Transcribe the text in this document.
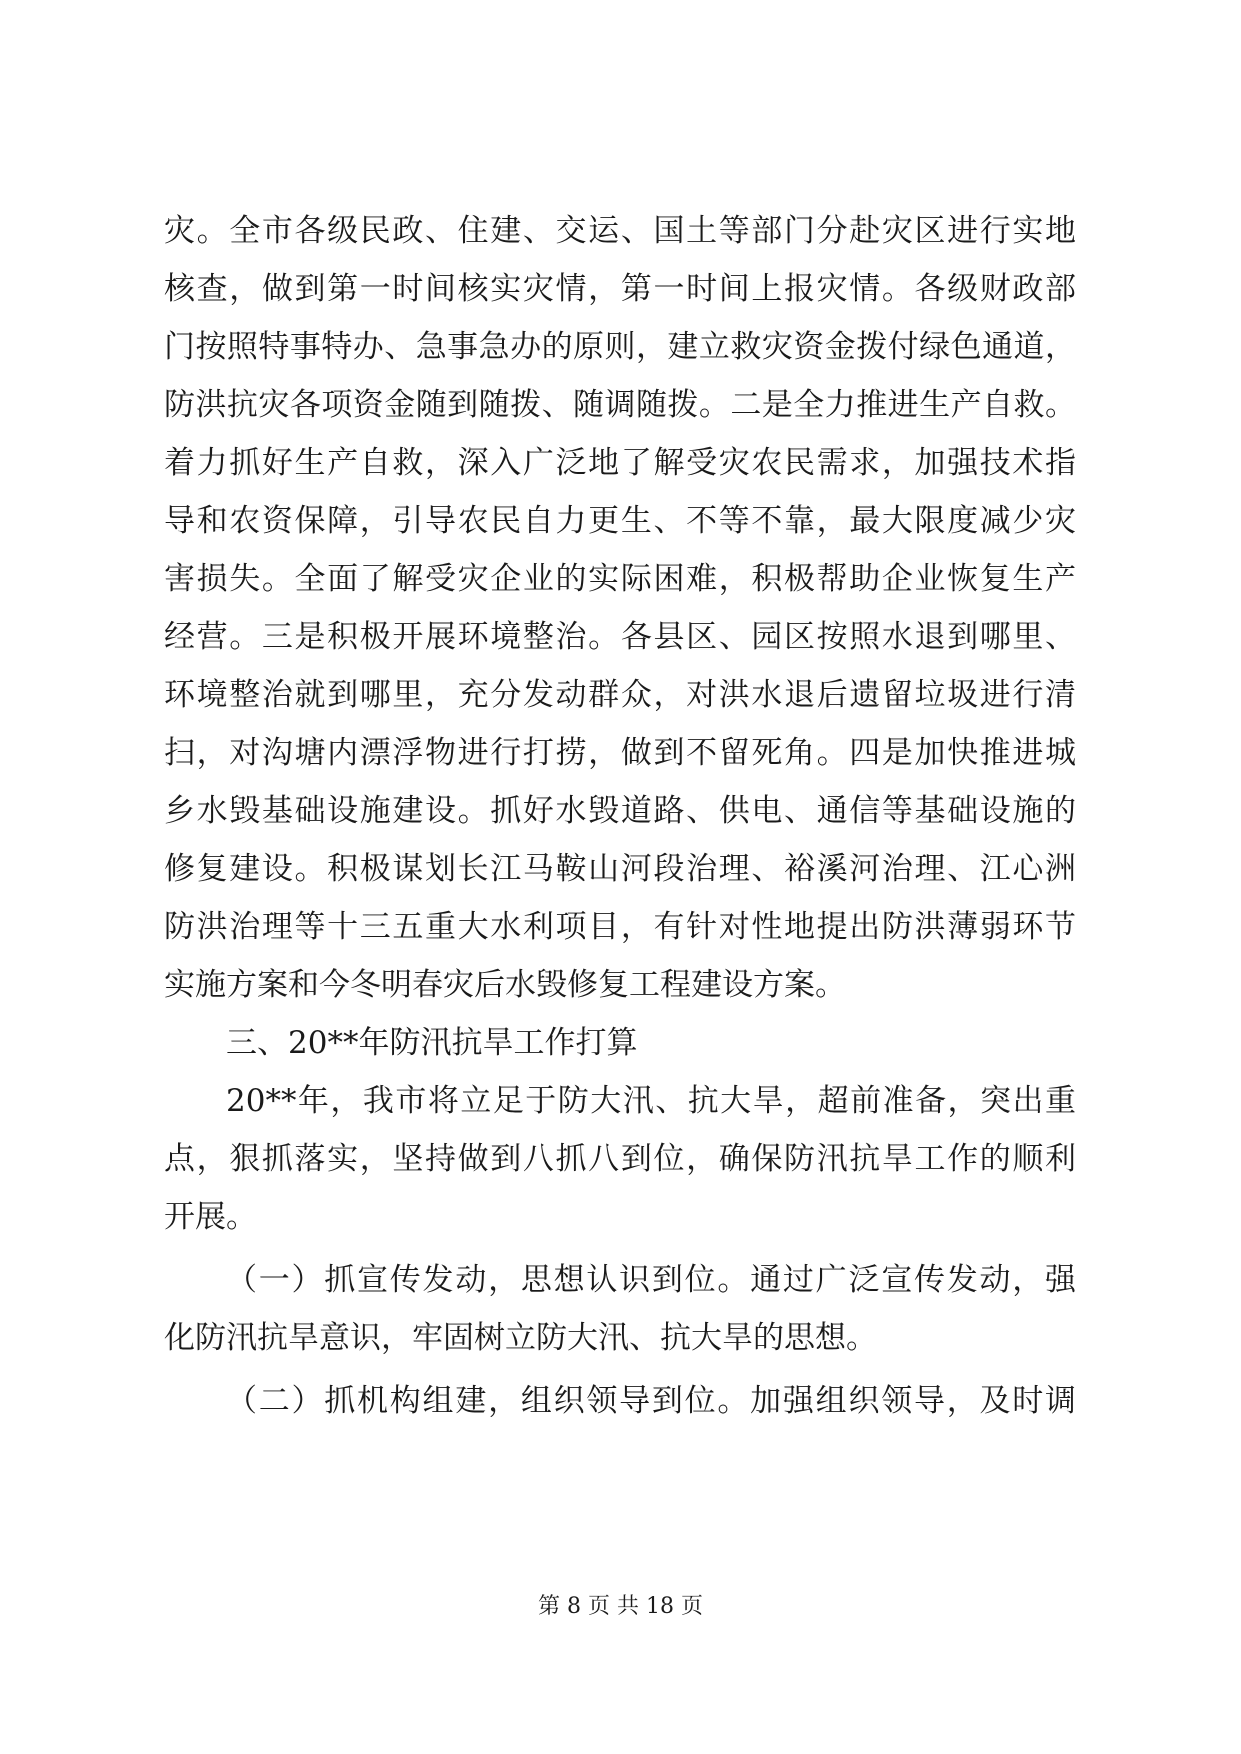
灾。全市各级民政、住建、交运、国土等部门分赴灾区进行实地
核查，做到第一时间核实灾情，第一时间上报灾情。各级财政部
门按照特事特办、急事急办的原则，建立救灾资金拨付绿色通道，
防洪抗灾各项资金随到随拨、随调随拨。二是全力推进生产自救。
着力抓好生产自救，深入广泛地了解受灾农民需求，加强技术指
导和农资保障，引导农民自力更生、不等不靠，最大限度减少灾
害损失。全面了解受灾企业的实际困难，积极帮助企业恢复生产
经营。三是积极开展环境整治。各县区、园区按照水退到哪里、
环境整治就到哪里，充分发动群众，对洪水退后遗留垃圾进行清
扫，对沟塘内漂浮物进行打捞，做到不留死角。四是加快推进城
乡水毁基础设施建设。抓好水毁道路、供电、通信等基础设施的
修复建设。积极谋划长江马鞍山河段治理、裕溪河治理、江心洲
防洪治理等十三五重大水利项目，有针对性地提出防洪薄弱环节
实施方案和今冬明春灾后水毁修复工程建设方案。
三、20**年防汛抗旱工作打算
20**年，我市将立足于防大汛、抗大旱，超前准备，突出重
点，狠抓落实，坚持做到八抓八到位，确保防汛抗旱工作的顺利
开展。
（一）抓宣传发动，思想认识到位。通过广泛宣传发动，强
化防汛抗旱意识，牢固树立防大汛、抗大旱的思想。
（二）抓机构组建，组织领导到位。加强组织领导，及时调
第 8 页 共 18 页
